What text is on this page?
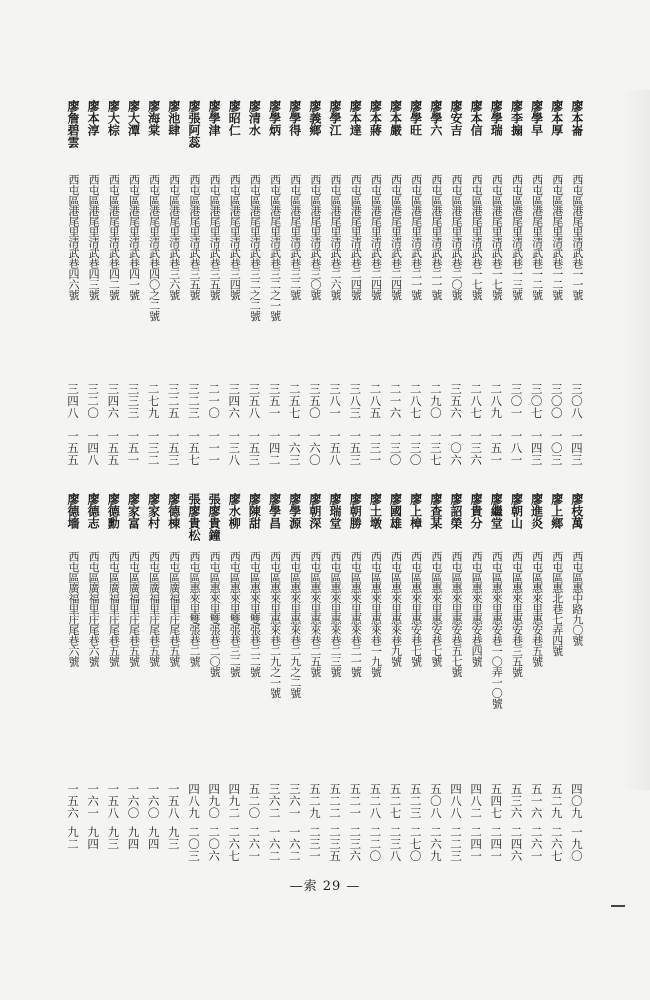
廖本崙
廖本厚
廖學早
廖李搧
廖學瑞
廖本信
廖安吉
廖學六
廖學旺
廖本嚴
廖本蔣
廖本達
廖學江
廖義鄉
廖學得
廖學炳
廖清水
廖昭仁
廖學津
廖張阿蕊
廖池肆
廖海棠
廖大潭
廖大棕
廖本淳
廖詹碧雲
西屯區港尾里清武巷一一號
西屯區港尾里清武巷一二號
西屯區港尾里清武巷一二號
西屯區港尾里清武巷一三號
西屯區港尾里清武巷一七號
西屯區港尾里清武巷一七號
西屯區港尾里清武巷二〇號
西屯區港尾里清武巷二一號
西屯區港尾里清武巷二一號
西屯區港尾里清武巷二四號
西屯區港尾里清武巷二四號
西屯區港尾里清武巷二四號
西屯區港尾里清武巷二六號
西屯區港尾里清武巷三〇號
西屯區港尾里清武巷三二號
西屯區港尾里清武巷三二之一號
西屯區港尾里清武巷三二之二號
西屯區港尾里清武巷三四號
西屯區港尾里清武巷三五號
西屯區港尾里清武巷三五號
西屯區港尾里清武巷三六號
西屯區港尾里清武巷四〇之二號
西屯區港尾里清武巷四一號
西屯區港尾里清武巷四二號
西屯區港尾里清武巷四三號
西屯區港尾里清武巷四六號
三〇八
三〇〇
三〇七
三〇一
二八九
二八七
三五六
二九〇
二八七
二一六
二八五
三八三
三八一
三五〇
二五七
三五一
三五八
三四六
二一〇
三二三
三二五
二七九
三三三
三四六
三二〇
三四八
一四三
一〇三
一四三
一八一
一五一
一三六
一〇六
一三七
一三〇
一三〇
一三一
一五三
一五八
一六〇
一六三
一四二
一五三
一三八
一一一
一五七
一五三
一三二
一五一
一五五
一四八
一五五
廖枝萬
廖上鄉
廖進炎
廖朝山
廖繼堂
廖貴分
廖詔榮
廖查某
廖上樟
廖國雄
廖土墩
廖朝勝
廖瑞堂
廖朝深
廖學源
廖學昌
廖陳甜
廖水柳
張廖貴鐘
張廖貴松
廖德棟
廖家村
廖家富
廖德勳
廖德志
廖德墻
西屯區惠中路九〇號
西屯區惠北巷七弄四號
西屯區惠來里惠安巷五號
西屯區惠來里惠安巷三五號
西屯區惠來里惠安巷一〇弄一〇號
西屯區惠來里惠安巷四號
西屯區惠來里惠安巷五七號
西屯區惠來里惠安巷七號
西屯區惠來里惠安巷七號
西屯區惠來里惠來巷九號
西屯區惠來里惠來巷一九號
西屯區惠來里惠來巷二一號
西屯區惠來里惠來巷二三號
西屯區惠來里惠來巷二五號
西屯區惠來里惠來巷二九之二號
西屯區惠來里惠來巷二九之一號
西屯區惠來里雙張巷二二號
西屯區惠來里雙張巷三二號
西屯區惠來里雙張巷二〇號
西屯區惠來里雙張巷二號
西屯區廣福里庄尾巷五號
西屯區廣福里庄尾巷五號
西屯區廣福里庄尾巷五號
西屯區廣福里庄尾巷五號
西屯區廣福里庄尾巷六號
西屯區廣福里庄尾巷六號
四〇九
五二九
五一六
五三六
五四七
四八二
四八八
五〇八
五二三
五二七
五二八
五二一
五二二
五二九
三六一
三六二
五二〇
四九二
四九〇
四八九
一五八
一六〇
一六〇
一五八
一六一
一五六
一九〇
二六七
二六一
二四六
二四一
二四一
二二三
二六九
二七〇
二三八
二二〇
二三六
二三五
二三一
一六二
一六二
二六一
二六七
二〇六
二〇三
九三
九四
九四
九三
九四
九二
—索 29 —
